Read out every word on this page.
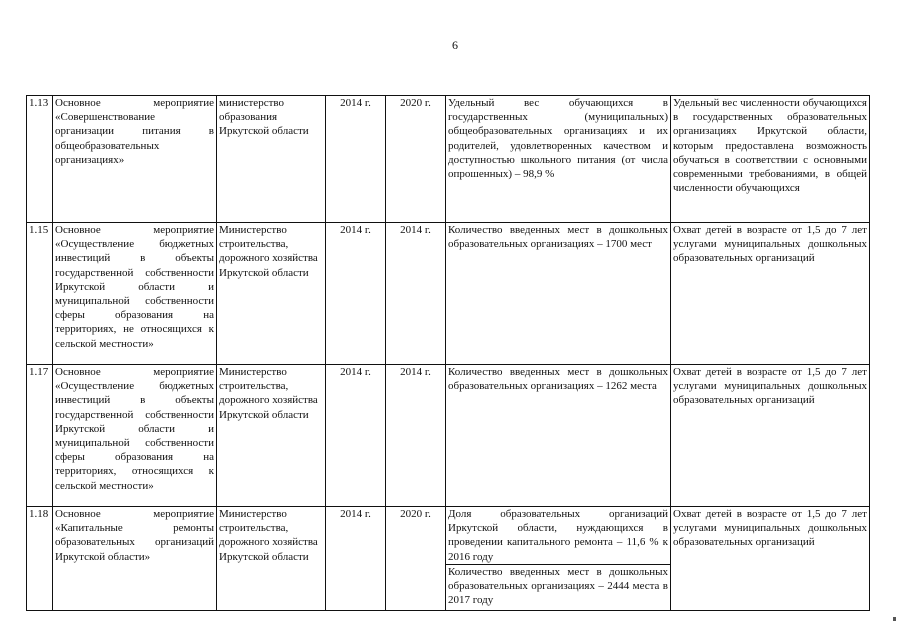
6
1.13	Основное мероприятие «Совершенствование организации питания в общеобразовательных организациях»	министерство образования Иркутской области	2014 г.	2020 г.	Удельный вес обучающихся в государственных (муниципальных) общеобразовательных организациях и их родителей, удовлетворенных качеством и доступностью школьного питания (от числа опрошенных) – 98,9 %	Удельный вес численности обучающихся в государственных образовательных организациях Иркутской области, которым предоставлена возможность обучаться в соответствии с основными современными требованиями, в общей численности обучающихся
1.15	Основное мероприятие «Осуществление бюджетных инвестиций в объекты государственной собственности Иркутской области и муниципальной собственности сферы образования на территориях, не относящихся к сельской местности»	Министерство строительства, дорожного хозяйства Иркутской области	2014 г.	2014 г.	Количество введенных мест в дошкольных образовательных организациях – 1700 мест	Охват детей в возрасте от 1,5 до 7 лет услугами муниципальных дошкольных образовательных организаций
1.17	Основное мероприятие «Осуществление бюджетных инвестиций в объекты государственной собственности Иркутской области и муниципальной собственности сферы образования на территориях, относящихся к сельской местности»	Министерство строительства, дорожного хозяйства Иркутской области	2014 г.	2014 г.	Количество введенных мест в дошкольных образовательных организациях – 1262 места	Охват детей в возрасте от 1,5 до 7 лет услугами муниципальных дошкольных образовательных организаций
1.18	Основное мероприятие «Капитальные ремонты образовательных организаций Иркутской области»	Министерство строительства, дорожного хозяйства Иркутской области	2014 г.	2020 г.	Доля образовательных организаций Иркутской области, нуждающихся в проведении капитального ремонта – 11,6 % к 2016 году	Охват детей в возрасте от 1,5 до 7 лет услугами муниципальных дошкольных образовательных организаций
					Количество введенных мест в дошкольных образовательных организациях – 2444 места в 2017 году	
